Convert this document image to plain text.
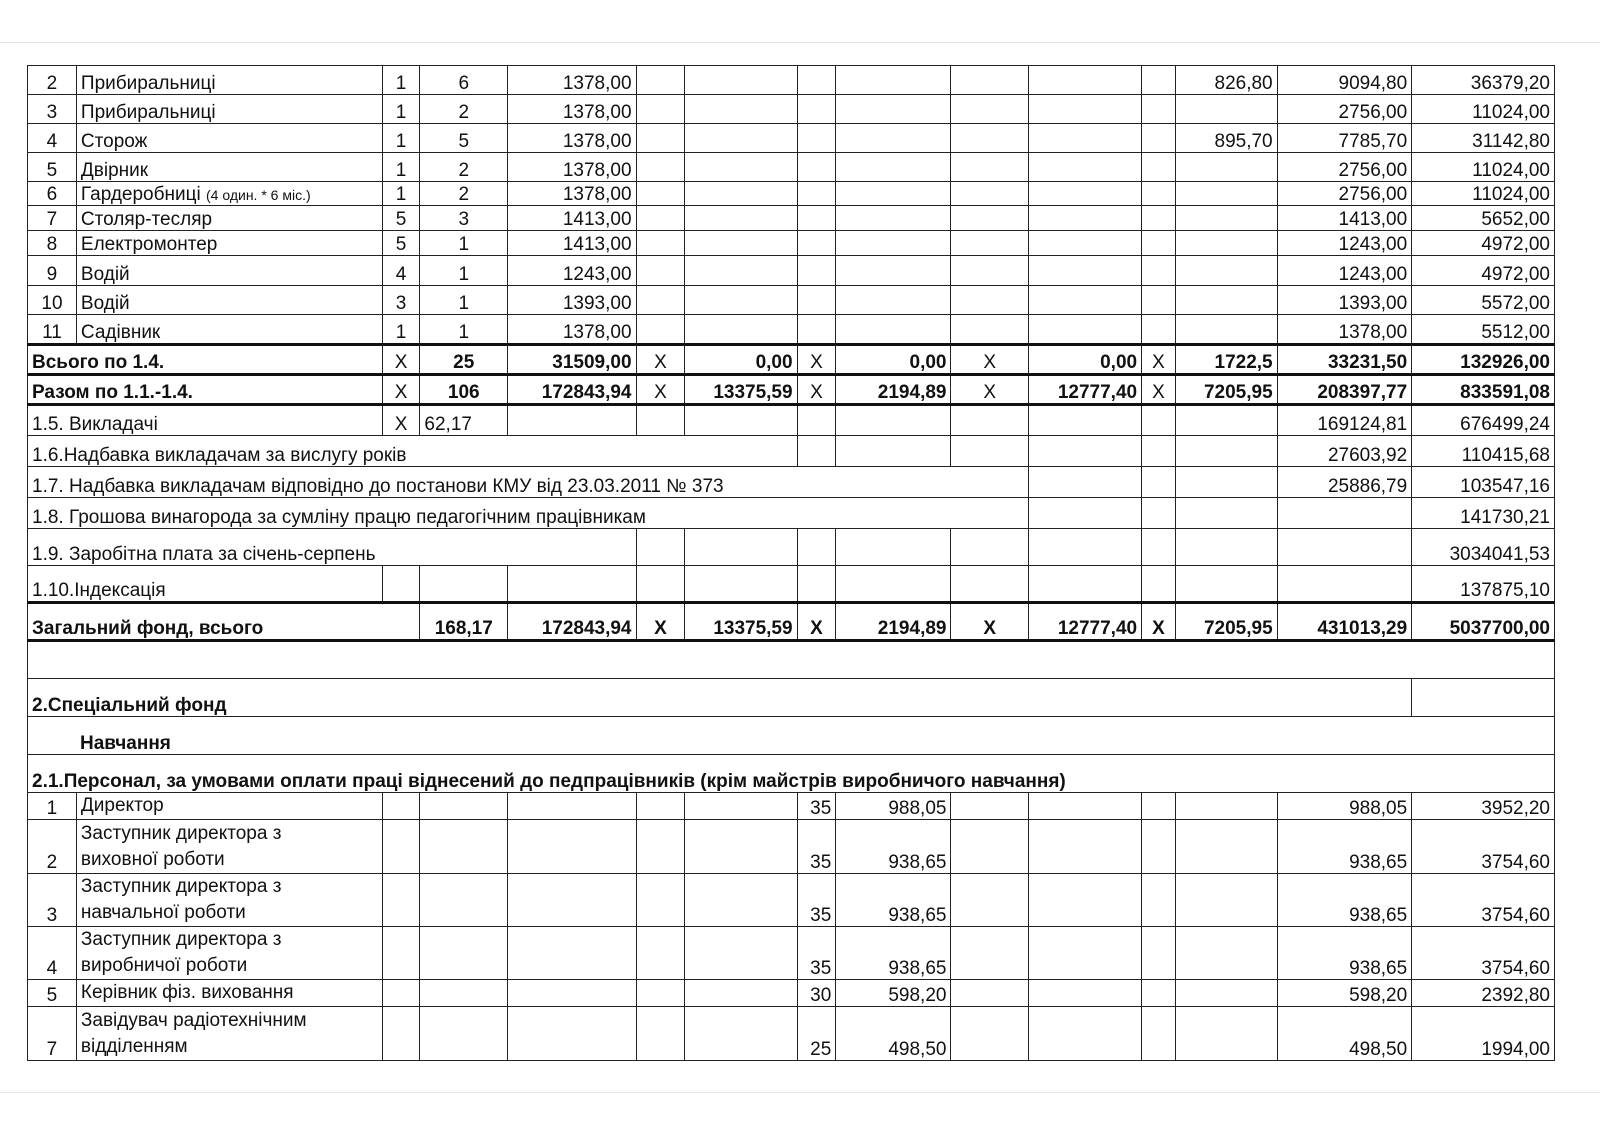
2	Прибиральниці	1	6	1378,00								826,80	9094,80	36379,20
3	Прибиральниці	1	2	1378,00									2756,00	11024,00
4	Сторож	1	5	1378,00								895,70	7785,70	31142,80
5	Двірник	1	2	1378,00									2756,00	11024,00
6	Гардеробниці (4 один. * 6 міс.)	1	2	1378,00									2756,00	11024,00
7	Столяр-тесляр	5	3	1413,00									1413,00	5652,00
8	Електромонтер	5	1	1413,00									1243,00	4972,00
9	Водій	4	1	1243,00									1243,00	4972,00
10	Водій	3	1	1393,00									1393,00	5572,00
11	Садівник	1	1	1378,00									1378,00	5512,00
Всього по 1.4.		Х	25	31509,00	Х	0,00	Х	0,00	Х	0,00	Х	1722,5	33231,50	132926,00
Разом по 1.1.-1.4.		Х	106	172843,94	Х	13375,59	Х	2194,89	Х	12777,40	Х	7205,95	208397,77	833591,08
1.5. Викладачі		Х	62,17										169124,81	676499,24
1.6.Надбавка викладачам за вислугу років													27603,92	110415,68
1.7. Надбавка викладачам відповідно до постанови КМУ від 23.03.2011 № 373													25886,79	103547,16
1.8. Грошова винагорода за сумліну працю педагогічним працівникам														141730,21
1.9. Заробітна плата за січень-серпень														3034041,53
1.10.Індексація														137875,10
Загальний фонд, всього			168,17	172843,94	Х	13375,59	Х	2194,89	Х	12777,40	Х	7205,95	431013,29	5037700,00

2.Спеціальний фонд														
Навчання														
2.1.Персонал, за умовами оплати праці віднесений до педпрацівників (крім майстрів виробничого навчання)														
1	Директор						35	988,05					988,05	3952,20
2	Заступник директора з
виховної роботи						35	938,65					938,65	3754,60
3	Заступник директора з
навчальної роботи						35	938,65					938,65	3754,60
4	Заступник директора з
виробничої роботи						35	938,65					938,65	3754,60
5	Керівник фіз. виховання						30	598,20					598,20	2392,80
7	Завідувач радіотехнічним
відділенням						25	498,50					498,50	1994,00
